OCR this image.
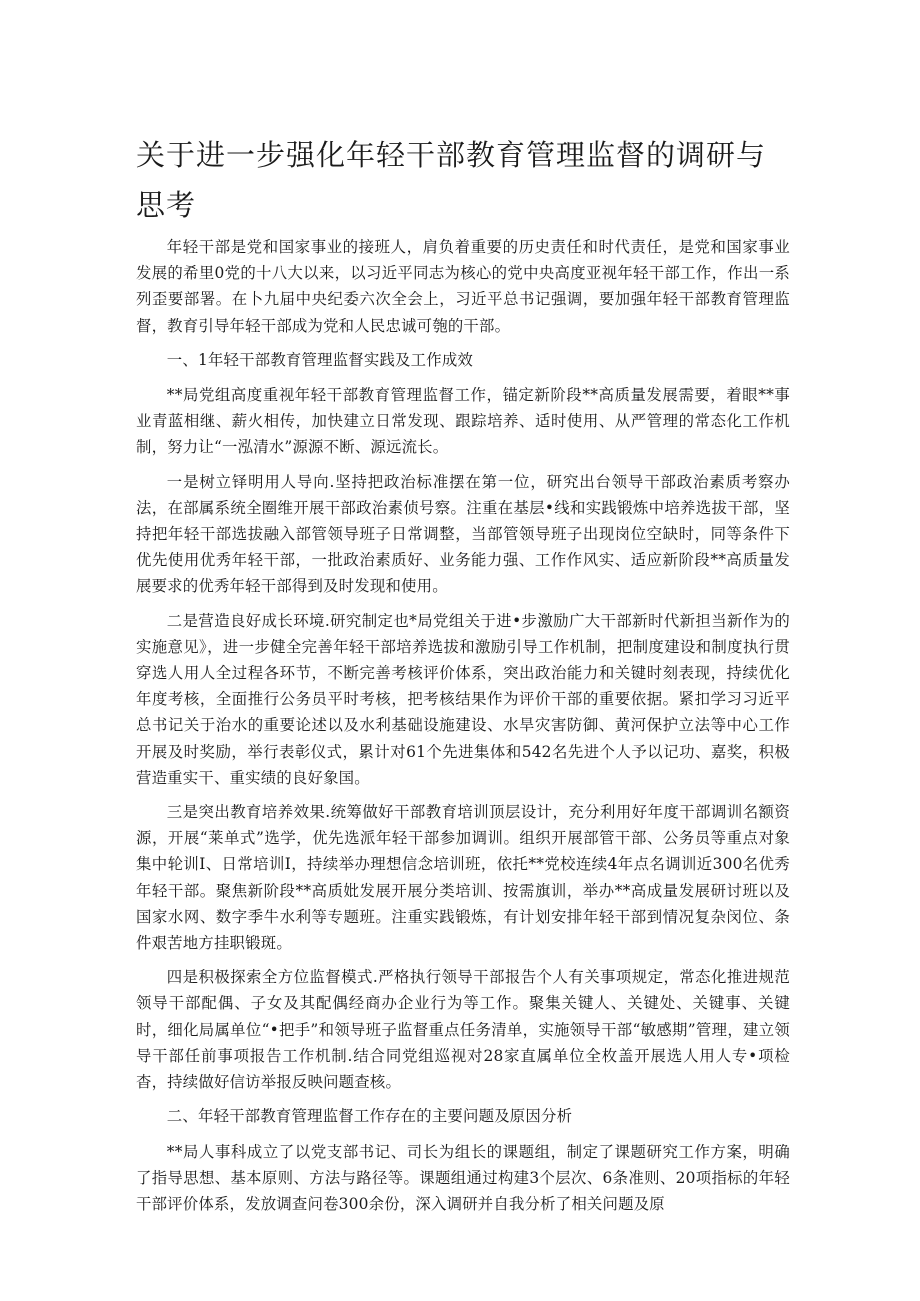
关于进一步强化年轻干部教育管理监督的调研与思考

年轻干部是党和国家事业的接班人，肩负着重要的历史责任和时代责任，是党和国家事业发展的希里0党的十八大以来，以习近平同志为核心的党中央高度亚视年轻干部工作，作出一系列歪要部署。在卜九届中央纪委六次全会上，习近平总书记强调，要加强年轻干部教育管理监督，教育引导年轻干部成为党和人民忠诚可匏的干部。

一、1年轻干部教育管理监督实践及工作成效

**局党组高度重视年轻干部教育管理监督工作，锚定新阶段**高质量发展需要，着眼**事业青蓝相继、薪火相传，加快建立日常发现、跟踪培养、适时使用、从严管理的常态化工作机制，努力让“一泓清水”源源不断、源远流长。

一是树立铎明用人导向.坚持把政治标准摆在第一位，研究出台领导干部政治素质考察办法，在部属系统全圈维开展干部政治素侦号察。注重在基层•线和实践锻炼中培养选拔干部，坚持把年轻干部选拔融入部管领导班子日常调整，当部管领导班子出现岗位空缺时，同等条件下优先使用优秀年轻干部，一批政治素质好、业务能力强、工作作风实、适应新阶段**高质量发展要求的优秀年轻干部得到及时发现和使用。

二是营造良好成长环境.研究制定也*局党组关于进•步激励广大干部新时代新担当新作为的实施意见》，进一步健全完善年轻干部培养选拔和激励引导工作机制，把制度建设和制度执行贯穿选人用人全过程各环节，不断完善考核评价体系，突出政治能力和关键时刻表现，持续优化年度考核，全面推行公务员平时考核，把考核结果作为评价干部的重要依据。紧扣学习习近平总书记关于治水的重要论述以及水利基础设施建设、水旱灾害防御、黄河保护立法等中心工作开展及时奖励，举行表彰仪式，累计对61个先进集体和542名先进个人予以记功、嘉奖，积极营造重实干、重实绩的良好象国。

三是突出教育培养效果.统筹做好干部教育培训顶层设计，充分利用好年度干部调训名额资源，开展“莱单式”选学，优先选派年轻干部参加调训。组织开展部管干部、公务员等重点对象集中轮训I、日常培训I，持续举办理想信念培训班，依托**党校连续4年点名调训近300名优秀年轻干部。聚焦新阶段**高质妣发展开展分类培训、按需旗训，举办**高成量发展研讨班以及国家水网、数字季牛水利等专题班。注重实践锻炼，有计划安排年轻干部到情况复杂闵位、条件艰苦地方挂职锻斑。

四是积极探索全方位监督模式.严格执行领导干部报告个人有关事项规定，常态化推进规范领导干部配偶、子女及其配偶经商办企业行为等工作。聚集关键人、关键处、关键事、关键时，细化局属单位“•把手”和领导班子监督重点任务清单，实施领导干部“敏感期”管理，建立领导干部任前事项报告工作机制.结合同党组巡视对28家直属单位全枚盖开展选人用人专•项检杳，持续做好信访举报反映问题查核。

二、年轻干部教育管理监督工作存在的主要问题及原因分析

**局人事科成立了以党支部书记、司长为组长的课题组，制定了课题研究工作方案，明确了指导思想、基本原则、方法与路径等。课题组通过构建3个层次、6条准则、20项指标的年轻干部评价体系，发放调查问卷300余份，深入调研并自我分析了相关问题及原
